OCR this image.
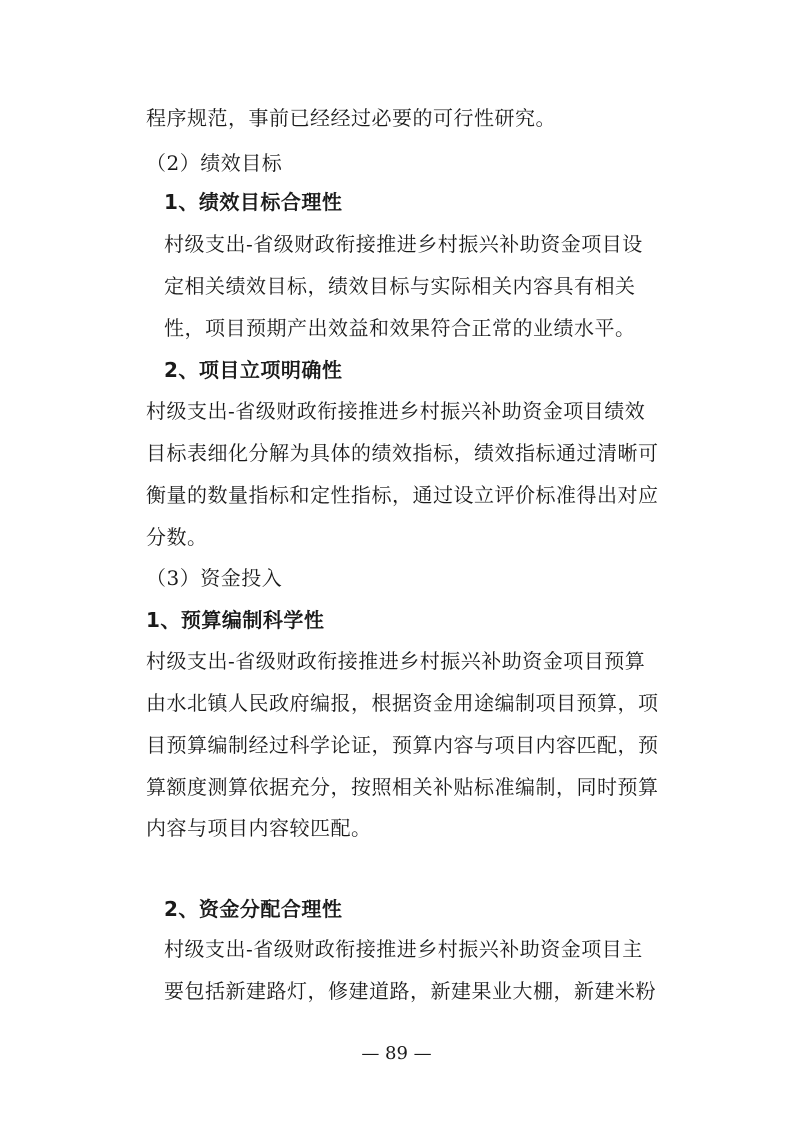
程序规范，事前已经经过必要的可行性研究。
（2）绩效目标
1、绩效目标合理性
村级支出-省级财政衔接推进乡村振兴补助资金项目设
定相关绩效目标，绩效目标与实际相关内容具有相关
性，项目预期产出效益和效果符合正常的业绩水平。
2、项目立项明确性
村级支出-省级财政衔接推进乡村振兴补助资金项目绩效
目标表细化分解为具体的绩效指标，绩效指标通过清晰可
衡量的数量指标和定性指标，通过设立评价标准得出对应
分数。
（3）资金投入
1、预算编制科学性
村级支出-省级财政衔接推进乡村振兴补助资金项目预算
由水北镇人民政府编报，根据资金用途编制项目预算，项
目预算编制经过科学论证，预算内容与项目内容匹配，预
算额度测算依据充分，按照相关补贴标准编制，同时预算
内容与项目内容较匹配。
2、资金分配合理性
村级支出-省级财政衔接推进乡村振兴补助资金项目主
要包括新建路灯，修建道路，新建果业大棚，新建米粉
— 89 —
